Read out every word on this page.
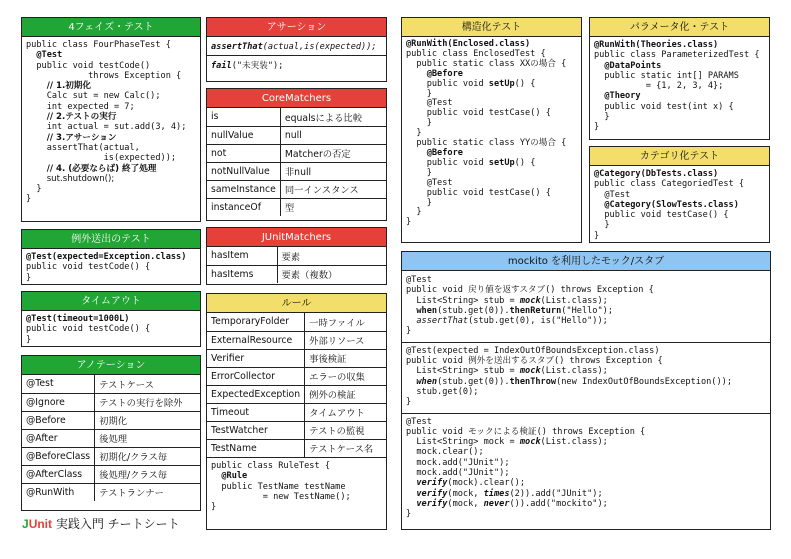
4フェイズ・テスト
public class FourPhaseTest {
@Test
public void testCode()
throws Exception {
// 1.初期化
Calc sut = new Calc();
int expected = 7;
// 2.テストの実行
int actual = sut.add(3, 4);
// 3.アサーション
assertThat(actual,
is(expected));
// 4. (必要ならば) 終了処理
sut.shutdown();
}
}
例外送出のテスト
@Test(expected=Exception.class)
public void testCode() {
}
タイムアウト
@Test(timeout=1000L)
public void testCode() {
}
アノテーション
@Test	テストケース
@Ignore	テストの実行を除外
@Before	初期化
@After	後処理
@BeforeClass	初期化/クラス毎
@AfterClass	後処理/クラス毎
@RunWith	テストランナー
アサーション
assertThat(actual,is(expected));
fail("未実装");
CoreMatchers
is	equalsによる比較
nullValue	null
not	Matcherの否定
notNullValue	非null
sameInstance	同一インスタンス
instanceOf	型
JUnitMatchers
hasItem	要素
hasItems	要素（複数）
ルール
TemporaryFolder	一時ファイル
ExternalResource	外部リソース
Verifier	事後検証
ErrorCollector	エラーの収集
ExpectedException	例外の検証
Timeout	タイムアウト
TestWatcher	テストの監視
TestName	テストケース名
public class RuleTest {
@Rule
public TestName testName
= new TestName();
}
構造化テスト
@RunWith(Enclosed.class)
public class EnclosedTest {
public static class XXの場合 {
@Before
public void setUp() {
}
@Test
public void testCase() {
}
}
public static class YYの場合 {
@Before
public void setUp() {
}
@Test
public void testCase() {
}
}
}
パラメータ化・テスト
@RunWith(Theories.class)
public class ParameterizedTest {
@DataPoints
public static int[] PARAMS
= {1, 2, 3, 4};
@Theory
public void test(int x) {
}
}
カテゴリ化テスト
@Category(DbTests.class)
public class CategoriedTest {
@Test
@Category(SlowTests.class)
public void testCase() {
}
}
mockito を利用したモック/スタブ
@Test
public void 戻り値を返すスタブ() throws Exception {
List<String> stub = mock(List.class);
when(stub.get(0)).thenReturn("Hello");
assertThat(stub.get(0), is("Hello"));
}
@Test(expected = IndexOutOfBoundsException.class)
public void 例外を送出するスタブ() throws Exception {
List<String> stub = mock(List.class);
when(stub.get(0)).thenThrow(new IndexOutOfBoundsException());
stub.get(0);
}
@Test
public void モックによる検証() throws Exception {
List<String> mock = mock(List.class);
mock.clear();
mock.add("JUnit");
mock.add("JUnit");
verify(mock).clear();
verify(mock, times(2)).add("JUnit");
verify(mock, never()).add("mockito");
}
JUnit 実践入門 チートシート
